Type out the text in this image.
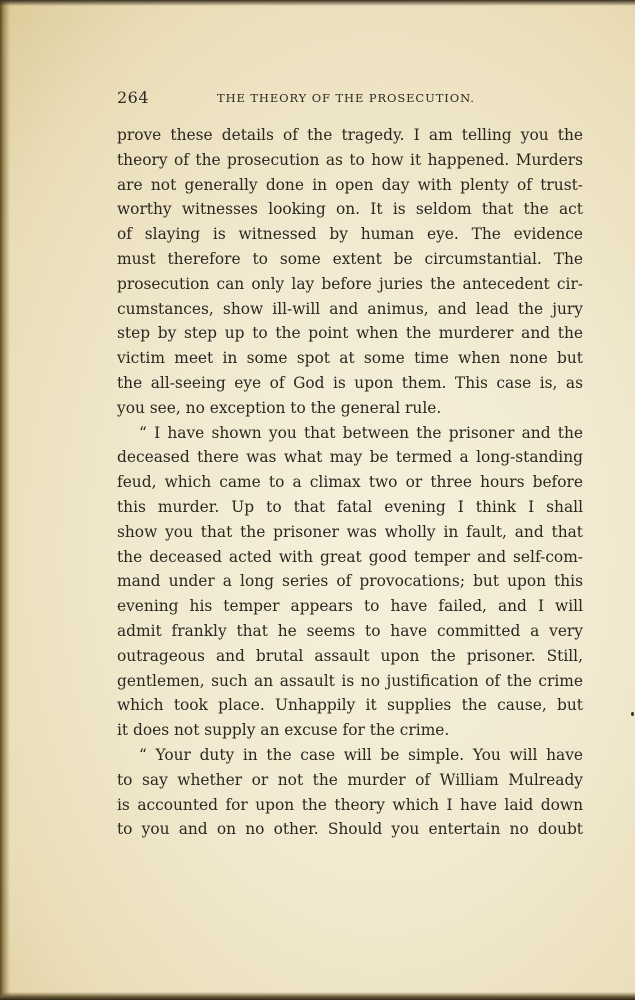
264	THE THEORY OF THE PROSECUTION.
prove these details of the tragedy. I am telling you the
theory of the prosecution as to how it happened. Murders
are not generally done in open day with plenty of trust-
worthy witnesses looking on. It is seldom that the act
of slaying is witnessed by human eye. The evidence
must therefore to some extent be circumstantial. The
prosecution can only lay before juries the antecedent cir-
cumstances, show ill-will and animus, and lead the jury
step by step up to the point when the murderer and the
victim meet in some spot at some time when none but
the all-seeing eye of God is upon them. This case is, as
you see, no exception to the general rule.
“ I have shown you that between the prisoner and the
deceased there was what may be termed a long-standing
feud, which came to a climax two or three hours before
this murder. Up to that fatal evening I think I shall
show you that the prisoner was wholly in fault, and that
the deceased acted with great good temper and self-com-
mand under a long series of provocations; but upon this
evening his temper appears to have failed, and I will
admit frankly that he seems to have committed a very
outrageous and brutal assault upon the prisoner. Still,
gentlemen, such an assault is no justification of the crime
which took place. Unhappily it supplies the cause, but
it does not supply an excuse for the crime.
“ Your duty in the case will be simple. You will have
to say whether or not the murder of William Mulready
is accounted for upon the theory which I have laid down
to you and on no other. Should you entertain no doubt
